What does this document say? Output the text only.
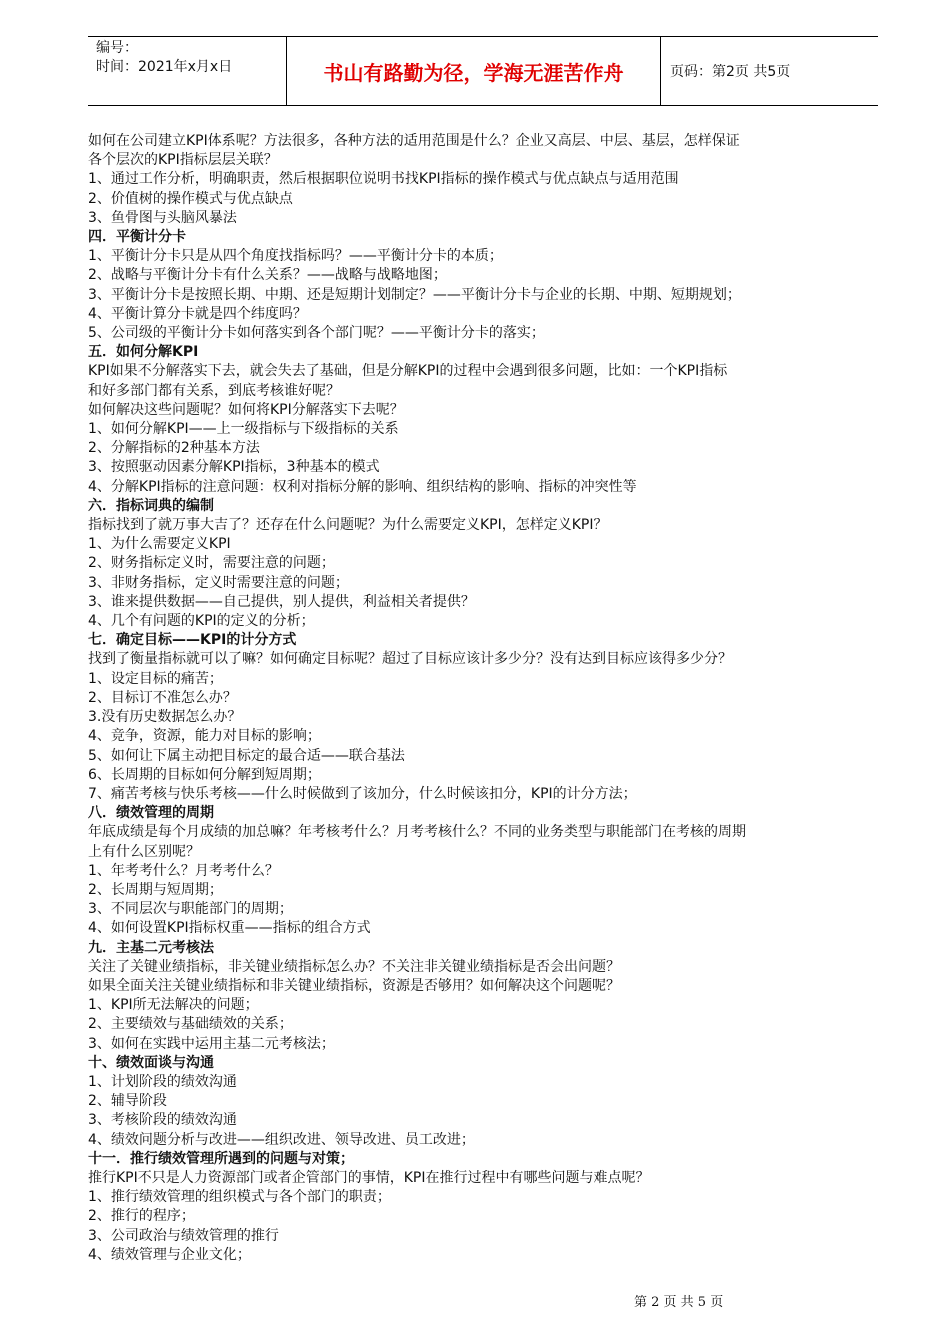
编号：
时间：2021年x月x日	书山有路勤为径，学海无涯苦作舟	页码：第2页 共5页
如何在公司建立KPI体系呢？方法很多，各种方法的适用范围是什么？企业又高层、中层、基层，怎样保证
各个层次的KPI指标层层关联？
1、通过工作分析，明确职责，然后根据职位说明书找KPI指标的操作模式与优点缺点与适用范围
2、价值树的操作模式与优点缺点
3、鱼骨图与头脑风暴法
四．平衡计分卡
1、平衡计分卡只是从四个角度找指标吗？——平衡计分卡的本质；
2、战略与平衡计分卡有什么关系？——战略与战略地图；
3、平衡计分卡是按照长期、中期、还是短期计划制定？——平衡计分卡与企业的长期、中期、短期规划；
4、平衡计算分卡就是四个纬度吗？
5、公司级的平衡计分卡如何落实到各个部门呢？——平衡计分卡的落实；
五．如何分解KPI
KPI如果不分解落实下去，就会失去了基础，但是分解KPI的过程中会遇到很多问题，比如：一个KPI指标
和好多部门都有关系，到底考核谁好呢？
如何解决这些问题呢？如何将KPI分解落实下去呢？
1、如何分解KPI——上一级指标与下级指标的关系
2、分解指标的2种基本方法
3、按照驱动因素分解KPI指标，3种基本的模式
4、分解KPI指标的注意问题：权利对指标分解的影响、组织结构的影响、指标的冲突性等
六．指标词典的编制
指标找到了就万事大吉了？还存在什么问题呢？为什么需要定义KPI，怎样定义KPI？
1、为什么需要定义KPI
2、财务指标定义时，需要注意的问题；
3、非财务指标，定义时需要注意的问题；
3、谁来提供数据——自己提供，别人提供，利益相关者提供？
4、几个有问题的KPI的定义的分析；
七．确定目标——KPI的计分方式
找到了衡量指标就可以了嘛？如何确定目标呢？超过了目标应该计多少分？没有达到目标应该得多少分？
1、设定目标的痛苦；
2、目标订不准怎么办？
3.没有历史数据怎么办？
4、竞争，资源，能力对目标的影响；
5、如何让下属主动把目标定的最合适——联合基法
6、长周期的目标如何分解到短周期；
7、痛苦考核与快乐考核——什么时候做到了该加分，什么时候该扣分，KPI的计分方法；
八．绩效管理的周期
年底成绩是每个月成绩的加总嘛？年考核考什么？月考考核什么？不同的业务类型与职能部门在考核的周期
上有什么区别呢？
1、年考考什么？月考考什么？
2、长周期与短周期；
3、不同层次与职能部门的周期；
4、如何设置KPI指标权重——指标的组合方式
九．主基二元考核法
关注了关键业绩指标，非关键业绩指标怎么办？不关注非关键业绩指标是否会出问题？
如果全面关注关键业绩指标和非关键业绩指标，资源是否够用？如何解决这个问题呢？
1、KPI所无法解决的问题；
2、主要绩效与基础绩效的关系；
3、如何在实践中运用主基二元考核法；
十、绩效面谈与沟通
1、计划阶段的绩效沟通
2、辅导阶段
3、考核阶段的绩效沟通
4、绩效问题分析与改进——组织改进、领导改进、员工改进；
十一．推行绩效管理所遇到的问题与对策；
推行KPI不只是人力资源部门或者企管部门的事情，KPI在推行过程中有哪些问题与难点呢？
1、推行绩效管理的组织模式与各个部门的职责；
2、推行的程序；
3、公司政治与绩效管理的推行
4、绩效管理与企业文化；
第 2 页 共 5 页
